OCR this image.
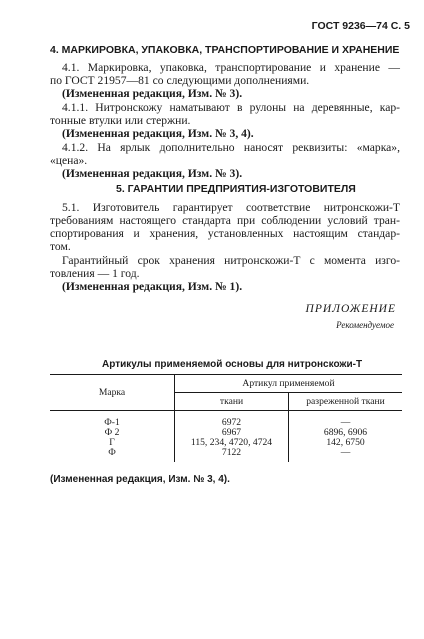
ГОСТ 9236—74 С. 5
4. МАРКИРОВКА, УПАКОВКА, ТРАНСПОРТИРОВАНИЕ И ХРАНЕНИЕ
4.1. Маркировка, упаковка, транспортирование и хранение —
по ГОСТ 21957—81 со следующими дополнениями.
(Измененная редакция, Изм. № 3).
4.1.1. Нитронскожу наматывают в рулоны на деревянные, кар-
тонные втулки или стержни.
(Измененная редакция, Изм. № 3, 4).
4.1.2. На ярлык дополнительно наносят реквизиты: «марка»,
«цена».
(Измененная редакция, Изм. № 3).
5. ГАРАНТИИ ПРЕДПРИЯТИЯ-ИЗГОТОВИТЕЛЯ
5.1. Изготовитель гарантирует соответствие нитронскожи-Т
требованиям настоящего стандарта при соблюдении условий тран-
спортирования и хранения, установленных настоящим стандар-
том.
Гарантийный срок хранения нитронскожи-Т с момента изго-
товления — 1 год.
(Измененная редакция, Изм. № 1).
ПРИЛОЖЕНИЕ
Рекомендуемое
Артикулы применяемой основы для нитронскожи-Т
Марка
Артикул применяемой
ткани	разреженной ткани
Ф-1	6972	—
Ф 2	6967	6896, 6906
Г	115, 234, 4720, 4724	142, 6750
Ф	7122	—
(Измененная редакция, Изм. № 3, 4).
